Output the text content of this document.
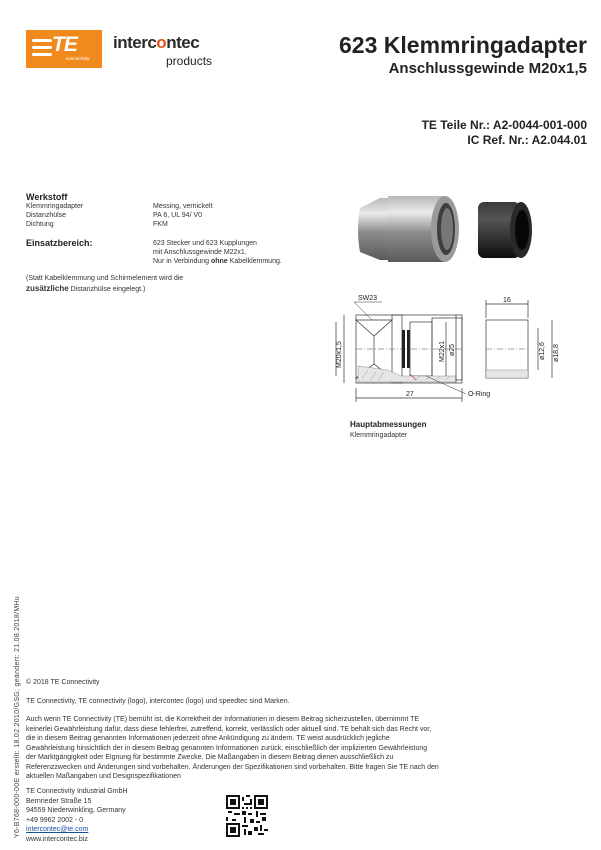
TE
connectivity
intercontec
products
623 Klemmringadapter
Anschlussgewinde M20x1,5
TE Teile Nr.: A2-0044-001-000
IC Ref. Nr.: A2.044.01
Werkstoff
Klemmringadapter	Messing, vernickelt
Distanzhülse	PA 6, UL 94/ V0
Dichtung	FKM
Einsatzbereich:	623 Stecker und 623 Kupplungen
mit Anschlussgewinde M22x1.
Nur in Verbindung ohne Kabelklemmung.
(Statt Kabelklemmung und Schirmelement wird die
zusätzliche Distanzhülse eingelegt.)
SW23
M20x1,5	M22x1 ø25
27	O-Ring
16
ø12,6 ø18,8
Hauptabmessungen
Klemmringadapter
Y6-B768-000-00E erstellt: 18.02.2010/GSG; geändert: 21.08.2018/MHu © 2018 TE Connectivity
TE Connectivity, TE connectivity (logo), intercontec (logo) und speedtec sind Marken.
Auch wenn TE Connectivity (TE) bemüht ist, die Korrektheit der Informationen in diesem Beitrag sicherzustellen, übernimmt TE
keinerlei Gewährleistung dafür, dass diese fehlerfrei, zutreffend, korrekt, verlässlich oder aktuell sind. TE behält sich das Recht vor,
die in diesem Beitrag genannten Informationen jederzeit ohne Ankündigung zu ändern. TE weist ausdrücklich jegliche
Gewährleistung hinsichtlich der in diesem Beitrag genannten Informationen zurück, einschließlich der implizierten Gewährleistung
der Marktgängigkeit oder Eignung für bestimmte Zwecke. Die Maßangaben in diesem Beitrag dienen ausschließlich zu
Referenzzwecken und Änderungen sind vorbehalten. Änderungen der Spezifikationen sind vorbehalten. Bitte fragen Sie TE nach den
aktuellen Maßangaben und Designspezifikationen
TE Connectivity Industrial GmbH
Bernrieder Straße 15
94559 Niederwinkling, Germany
+49 9962 2002 - 0
intercontec@te.com
www.intercontec.biz
